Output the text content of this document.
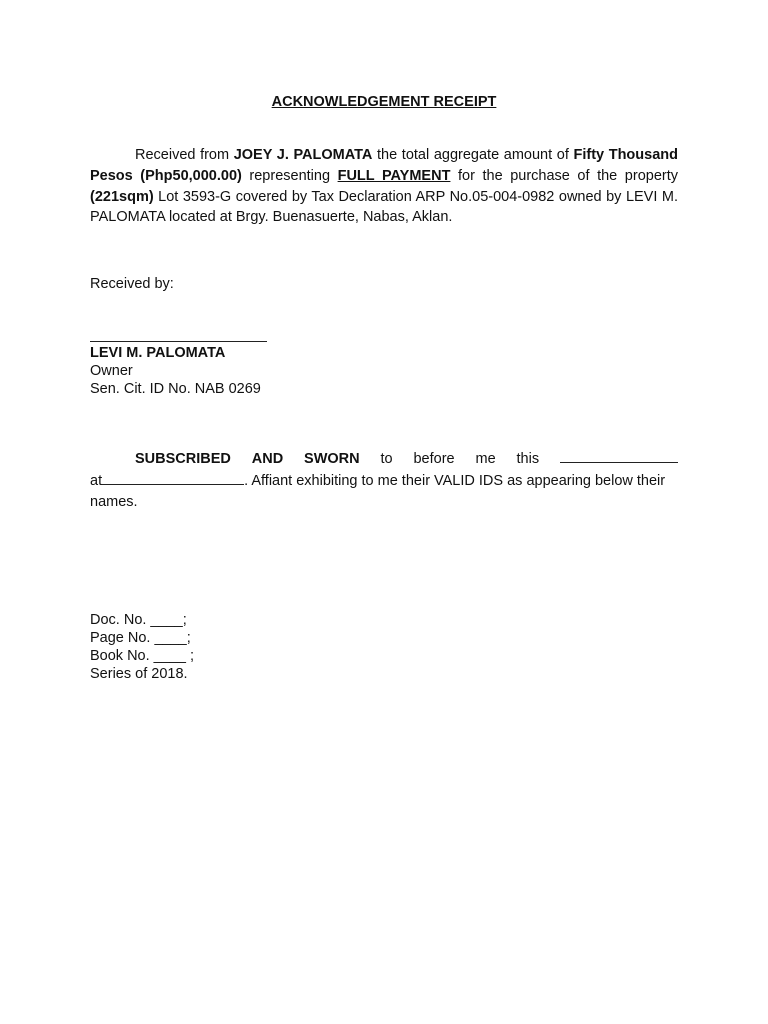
ACKNOWLEDGEMENT RECEIPT
Received from JOEY J. PALOMATA the total aggregate amount of Fifty Thousand Pesos (Php50,000.00) representing FULL PAYMENT for the purchase of the property (221sqm) Lot 3593-G covered by Tax Declaration ARP No.05-004-0982 owned by LEVI M. PALOMATA located at Brgy. Buenasuerte, Nabas, Aklan.
Received by:
LEVI M. PALOMATA
Owner
Sen. Cit. ID No. NAB 0269
SUBSCRIBED AND SWORN to before me this
at	. Affiant exhibiting to me their VALID IDS as appearing below their names.
Doc. No. ____;
Page No. ____;
Book No. ____ ;
Series of 2018.
